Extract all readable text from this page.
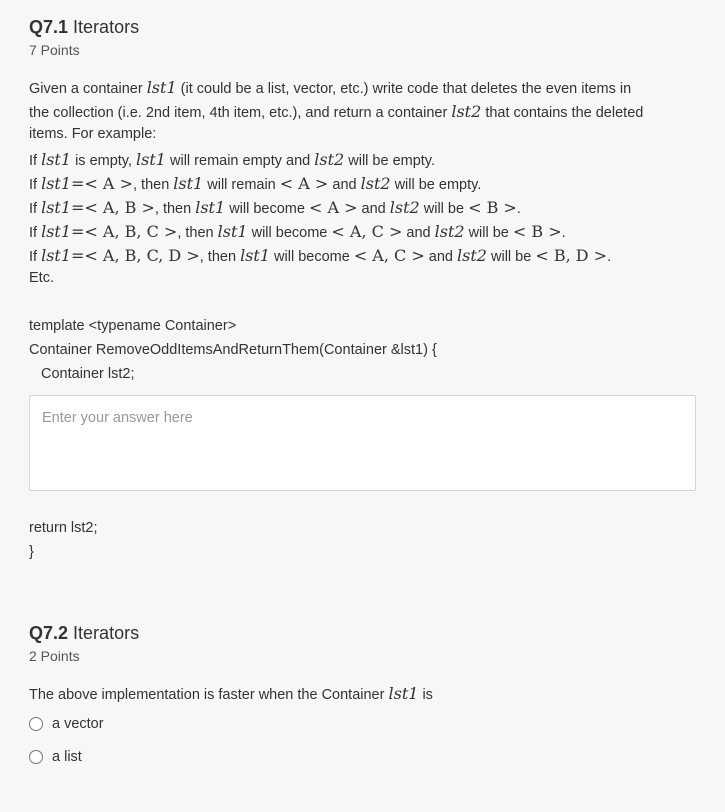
Q7.1 Iterators
7 Points
Given a container lst1 (it could be a list, vector, etc.) write code that deletes the even items in
the collection (i.e. 2nd item, 4th item, etc.), and return a container lst2 that contains the deleted
items. For example:
If lst1 is empty, lst1 will remain empty and lst2 will be empty.
If lst1=< A >, then lst1 will remain < A > and lst2 will be empty.
If lst1=< A, B >, then lst1 will become < A > and lst2 will be < B >.
If lst1=< A, B, C >, then lst1 will become < A, C > and lst2 will be < B >.
If lst1=< A, B, C, D >, then lst1 will become < A, C > and lst2 will be < B, D >.
Etc.
template <typename Container>
Container RemoveOddItemsAndReturnThem(Container &lst1) {
Container lst2;
Enter your answer here
return lst2;
}
Q7.2 Iterators
2 Points
The above implementation is faster when the Container lst1 is
a vector
a list
